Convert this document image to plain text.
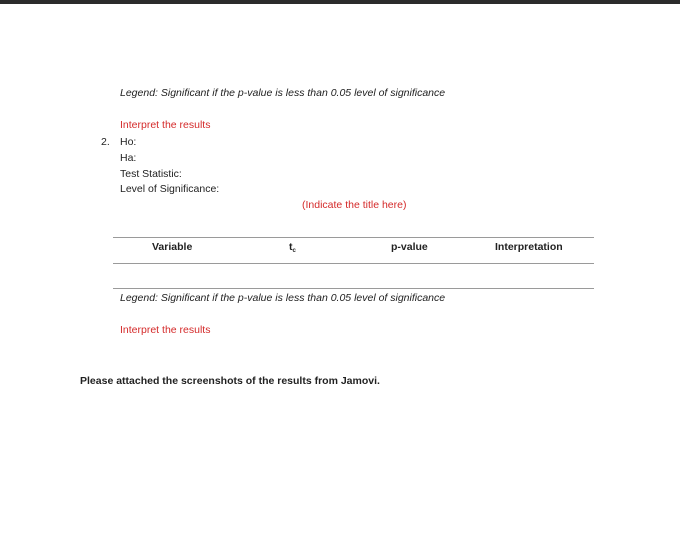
Legend: Significant if the p-value is less than 0.05 level of significance
Interpret the results
2. Ho:
Ha:
Test Statistic:
Level of Significance:
(Indicate the title here)
Variable	$t_c$	p-value	Interpretation
Legend: Significant if the p-value is less than 0.05 level of significance
Interpret the results
Please attached the screenshots of the results from Jamovi.
